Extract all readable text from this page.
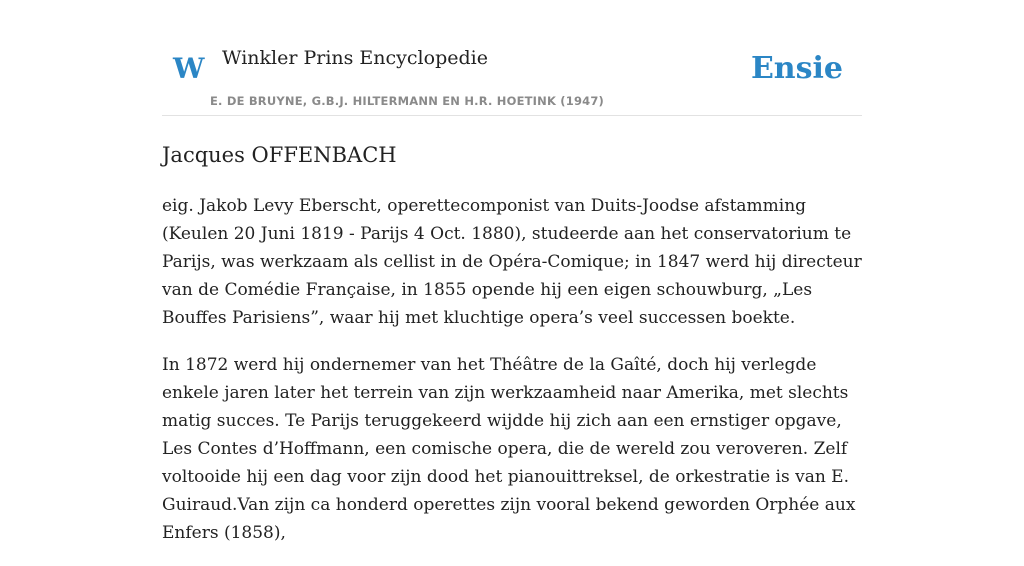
W Winkler Prins Encyclopedie
E. DE BRUYNE, G.B.J. HILTERMANN EN H.R. HOETINK (1947)
Ensie
Jacques OFFENBACH

eig. Jakob Levy Eberscht, operettecomponist van Duits-Joodse afstamming (Keulen 20 Juni 1819 - Parijs 4 Oct. 1880), studeerde aan het conservatorium te Parijs, was werkzaam als cellist in de Opéra-Comique; in 1847 werd hij directeur van de Comédie Française, in 1855 opende hij een eigen schouwburg, „Les Bouffes Parisiens”, waar hij met kluchtige opera’s veel successen boekte.

In 1872 werd hij ondernemer van het Théâtre de la Gaîté, doch hij verlegde enkele jaren later het terrein van zijn werkzaamheid naar Amerika, met slechts matig succes. Te Parijs teruggekeerd wijdde hij zich aan een ernstiger opgave, Les Contes d’Hoffmann, een comische opera, die de wereld zou veroveren. Zelf voltooide hij een dag voor zijn dood het pianouittreksel, de orkestratie is van E. Guiraud.Van zijn ca honderd operettes zijn vooral bekend geworden Orphée aux Enfers (1858),
